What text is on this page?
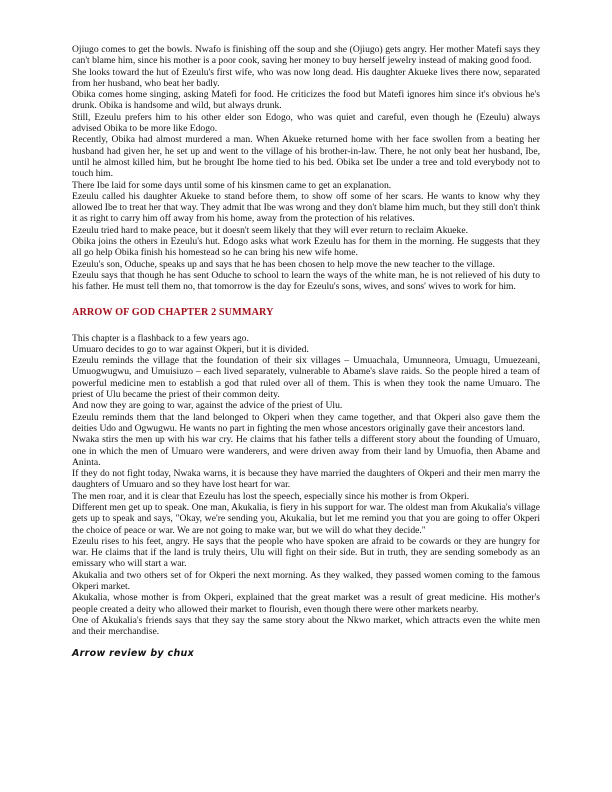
Ojiugo comes to get the bowls. Nwafo is finishing off the soup and she (Ojiugo) gets angry. Her mother Matefi says they can't blame him, since his mother is a poor cook, saving her money to buy herself jewelry instead of making good food.

She looks toward the hut of Ezeulu's first wife, who was now long dead. His daughter Akueke lives there now, separated from her husband, who beat her badly.

Obika comes home singing, asking Matefi for food. He criticizes the food but Matefi ignores him since it's obvious he's drunk. Obika is handsome and wild, but always drunk.

Still, Ezeulu prefers him to his other elder son Edogo, who was quiet and careful, even though he (Ezeulu) always advised Obika to be more like Edogo.

Recently, Obika had almost murdered a man. When Akueke returned home with her face swollen from a beating her husband had given her, he set up and went to the village of his brother-in-law. There, he not only beat her husband, Ibe, until he almost killed him, but he brought Ibe home tied to his bed. Obika set Ibe under a tree and told everybody not to touch him.

There Ibe laid for some days until some of his kinsmen came to get an explanation.

Ezeulu called his daughter Akueke to stand before them, to show off some of her scars. He wants to know why they allowed Ibe to treat her that way. They admit that Ibe was wrong and they don't blame him much, but they still don't think it as right to carry him off away from his home, away from the protection of his relatives.

Ezeulu tried hard to make peace, but it doesn't seem likely that they will ever return to reclaim Akueke.

Obika joins the others in Ezeulu's hut. Edogo asks what work Ezeulu has for them in the morning. He suggests that they all go help Obika finish his homestead so he can bring his new wife home.

Ezeulu's son, Oduche, speaks up and says that he has been chosen to help move the new teacher to the village.

Ezeulu says that though he has sent Oduche to school to learn the ways of the white man, he is not relieved of his duty to his father. He must tell them no, that tomorrow is the day for Ezeulu's sons, wives, and sons' wives to work for him.

ARROW OF GOD CHAPTER 2 SUMMARY

This chapter is a flashback to a few years ago.

Umuaro decides to go to war against Okperi, but it is divided.

Ezeulu reminds the village that the foundation of their six villages – Umuachala, Umunneora, Umuagu, Umuezeani, Umuogwugwu, and Umuisiuzo – each lived separately, vulnerable to Abame's slave raids. So the people hired a team of powerful medicine men to establish a god that ruled over all of them. This is when they took the name Umuaro. The priest of Ulu became the priest of their common deity.

And now they are going to war, against the advice of the priest of Ulu.

Ezeulu reminds them that the land belonged to Okperi when they came together, and that Okperi also gave them the deities Udo and Ogwugwu. He wants no part in fighting the men whose ancestors originally gave their ancestors land.

Nwaka stirs the men up with his war cry. He claims that his father tells a different story about the founding of Umuaro, one in which the men of Umuaro were wanderers, and were driven away from their land by Umuofia, then Abame and Aninta.

If they do not fight today, Nwaka warns, it is because they have married the daughters of Okperi and their men marry the daughters of Umuaro and so they have lost heart for war.

The men roar, and it is clear that Ezeulu has lost the speech, especially since his mother is from Okperi.

Different men get up to speak. One man, Akukalia, is fiery in his support for war. The oldest man from Akukalia's village gets up to speak and says, "Okay, we're sending you, Akukalia, but let me remind you that you are going to offer Okperi the choice of peace or war. We are not going to make war, but we will do what they decide."

Ezeulu rises to his feet, angry. He says that the people who have spoken are afraid to be cowards or they are hungry for war. He claims that if the land is truly theirs, Ulu will fight on their side. But in truth, they are sending somebody as an emissary who will start a war.

Akukalia and two others set of for Okperi the next morning. As they walked, they passed women coming to the famous Okperi market.

Akukalia, whose mother is from Okperi, explained that the great market was a result of great medicine. His mother's people created a deity who allowed their market to flourish, even though there were other markets nearby.

One of Akukalia's friends says that they say the same story about the Nkwo market, which attracts even the white men and their merchandise.

Arrow review by chux
